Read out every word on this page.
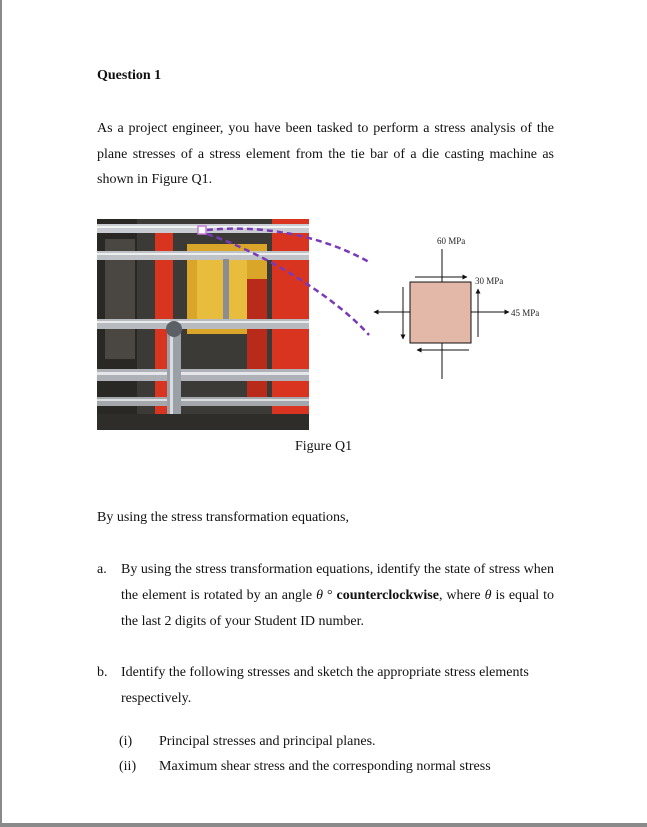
Question 1

As a project engineer, you have been tasked to perform a stress analysis of the plane stresses of a stress element from the tie bar of a die casting machine as shown in Figure Q1.

60 MPa
30 MPa
45 MPa
Figure Q1
By using the stress transformation equations,
a. By using the stress transformation equations, identify the state of stress when the element is rotated by an angle θ ° counterclockwise, where θ is equal to the last 2 digits of your Student ID number.
b. Identify the following stresses and sketch the appropriate stress elements respectively.
(i) Principal stresses and principal planes.
(ii) Maximum shear stress and the corresponding normal stress
